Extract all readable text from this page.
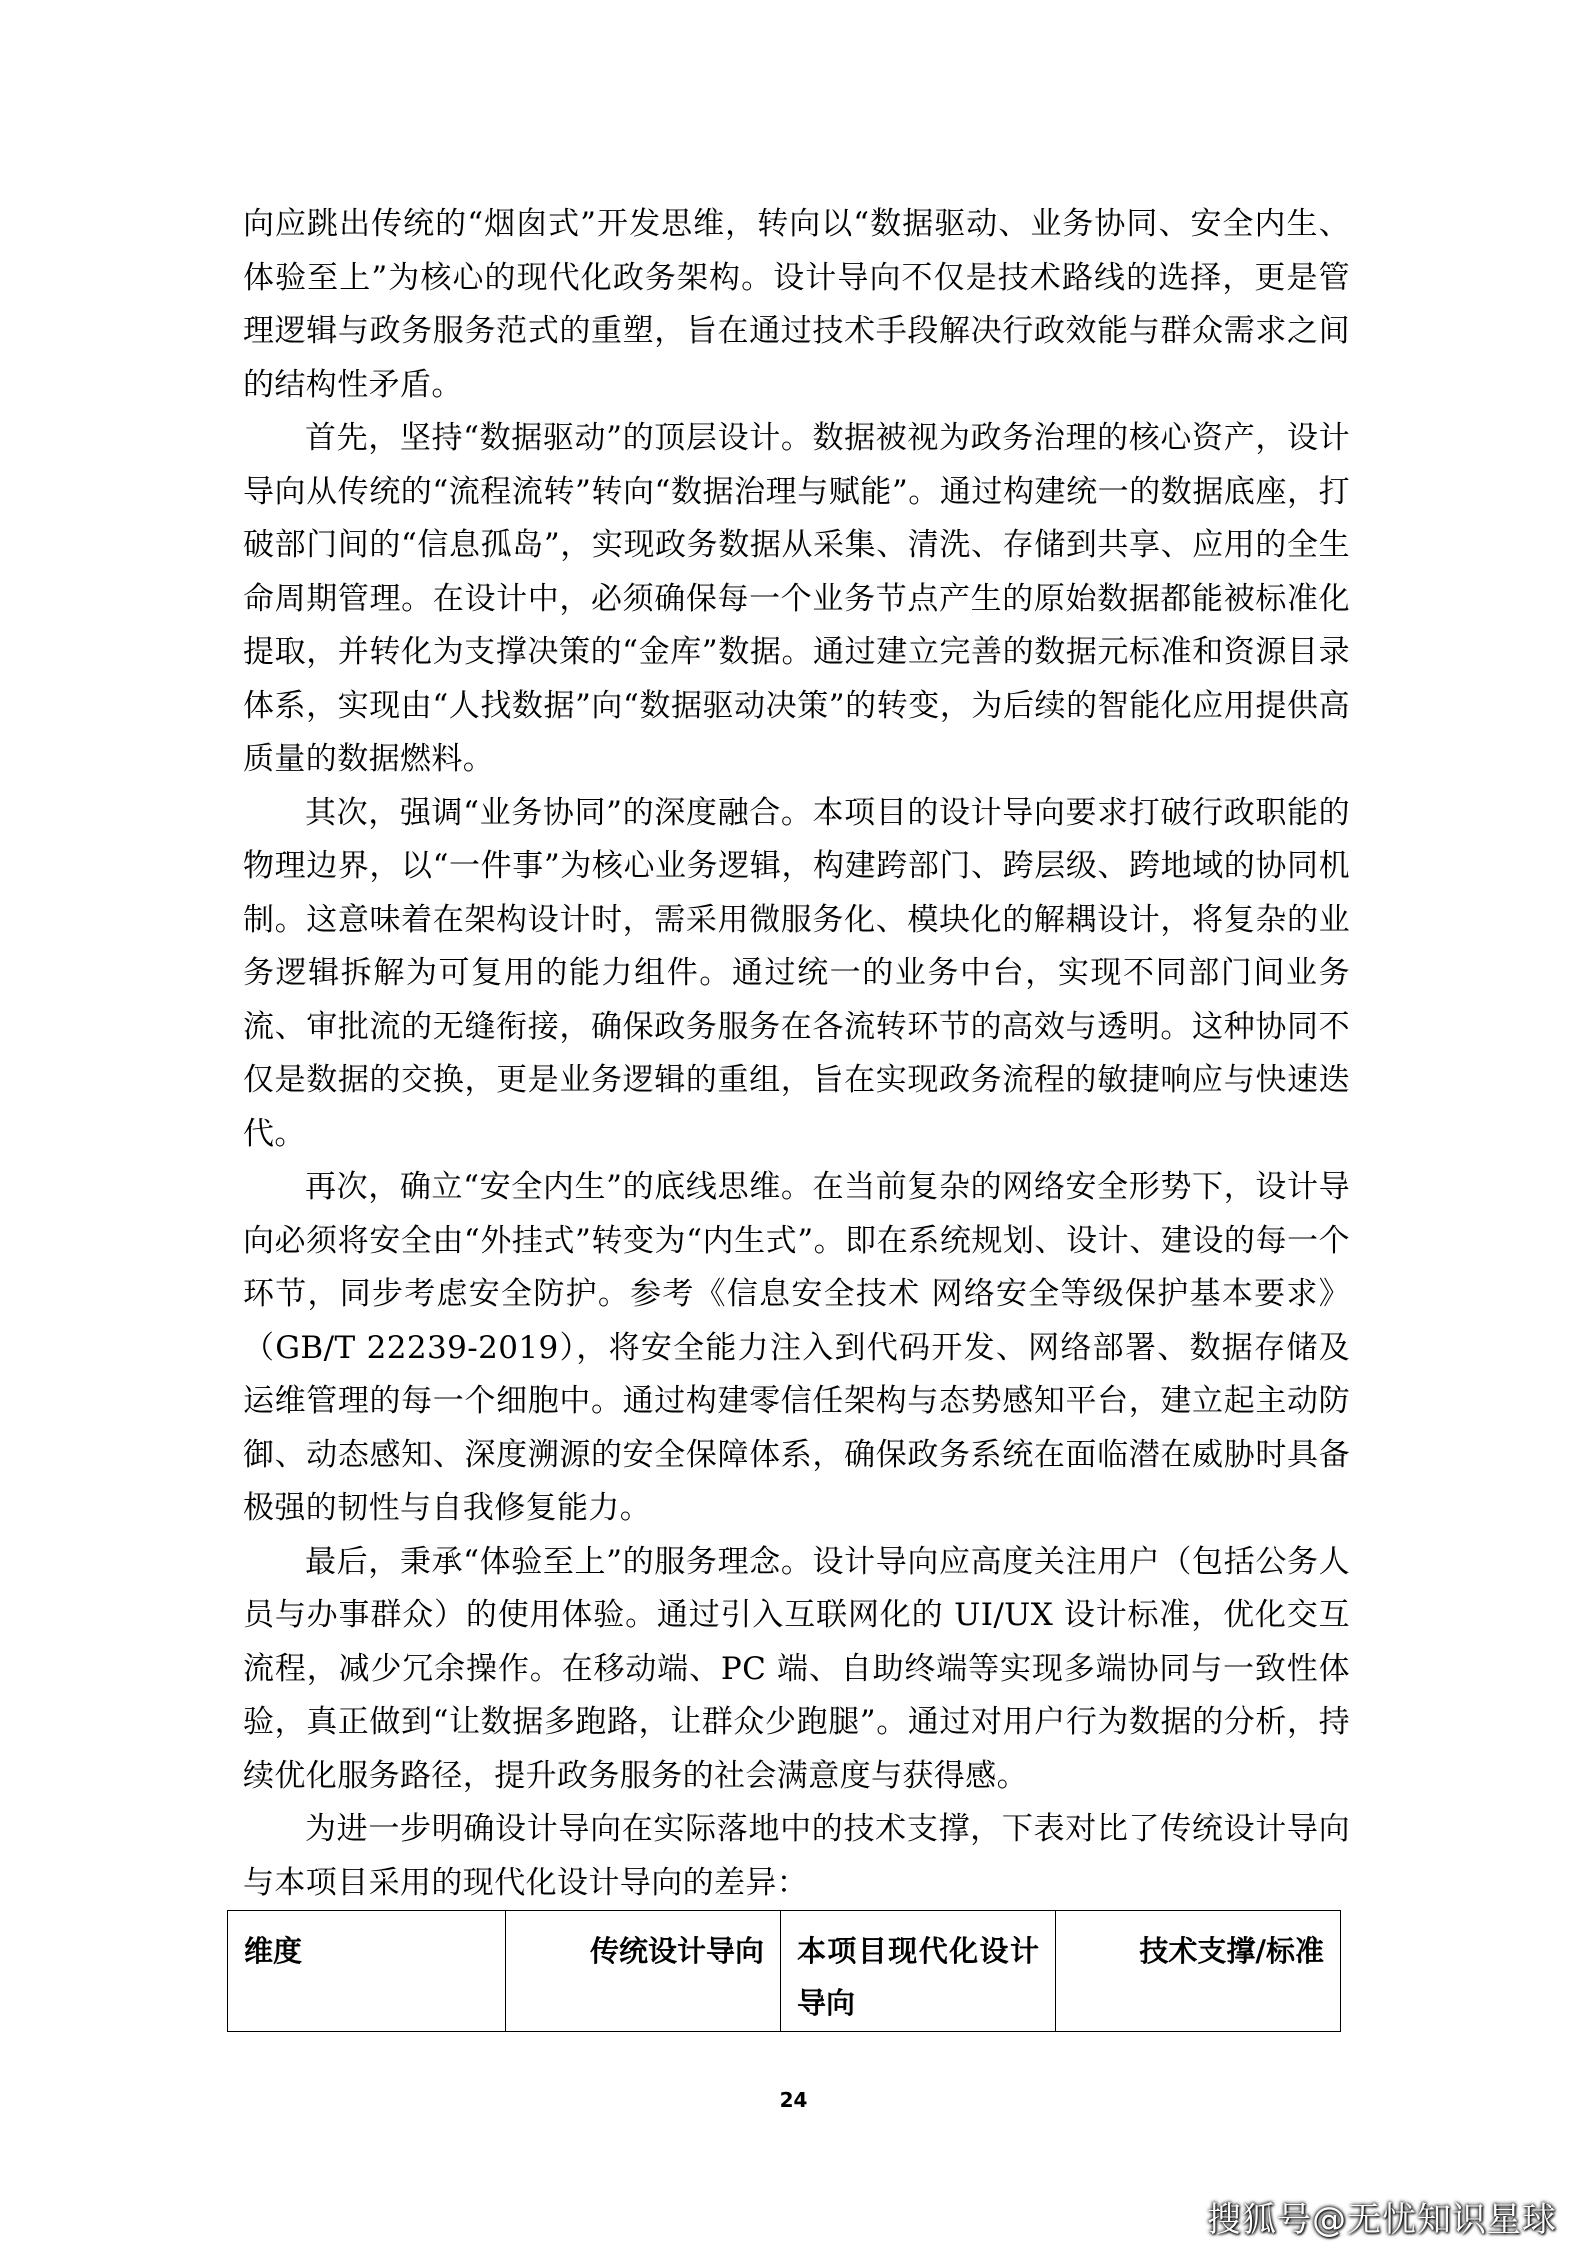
向应跳出传统的“烟囱式”开发思维，转向以“数据驱动、业务协同、安全内生、体验至上”为核心的现代化政务架构。设计导向不仅是技术路线的选择，更是管理逻辑与政务服务范式的重塑，旨在通过技术手段解决行政效能与群众需求之间的结构性矛盾。

首先，坚持“数据驱动”的顶层设计。数据被视为政务治理的核心资产，设计导向从传统的“流程流转”转向“数据治理与赋能”。通过构建统一的数据底座，打破部门间的“信息孤岛”，实现政务数据从采集、清洗、存储到共享、应用的全生命周期管理。在设计中，必须确保每一个业务节点产生的原始数据都能被标准化提取，并转化为支撑决策的“金库”数据。通过建立完善的数据元标准和资源目录体系，实现由“人找数据”向“数据驱动决策”的转变，为后续的智能化应用提供高质量的数据燃料。

其次，强调“业务协同”的深度融合。本项目的设计导向要求打破行政职能的物理边界，以“一件事”为核心业务逻辑，构建跨部门、跨层级、跨地域的协同机制。这意味着在架构设计时，需采用微服务化、模块化的解耦设计，将复杂的业务逻辑拆解为可复用的能力组件。通过统一的业务中台，实现不同部门间业务流、审批流的无缝衔接，确保政务服务在各流转环节的高效与透明。这种协同不仅是数据的交换，更是业务逻辑的重组，旨在实现政务流程的敏捷响应与快速迭代。

再次，确立“安全内生”的底线思维。在当前复杂的网络安全形势下，设计导向必须将安全由“外挂式”转变为“内生式”。即在系统规划、设计、建设的每一个环节，同步考虑安全防护。参考《信息安全技术 网络安全等级保护基本要求》（GB/T 22239-2019），将安全能力注入到代码开发、网络部署、数据存储及运维管理的每一个细胞中。通过构建零信任架构与态势感知平台，建立起主动防御、动态感知、深度溯源的安全保障体系，确保政务系统在面临潜在威胁时具备极强的韧性与自我修复能力。

最后，秉承“体验至上”的服务理念。设计导向应高度关注用户（包括公务人员与办事群众）的使用体验。通过引入互联网化的 UI/UX 设计标准，优化交互流程，减少冗余操作。在移动端、PC 端、自助终端等实现多端协同与一致性体验，真正做到“让数据多跑路，让群众少跑腿”。通过对用户行为数据的分析，持续优化服务路径，提升政务服务的社会满意度与获得感。

为进一步明确设计导向在实际落地中的技术支撑，下表对比了传统设计导向与本项目采用的现代化设计导向的差异：

维度	传统设计导向	本项目现代化设计导向	技术支撑/标准
24
搜狐号@无忧知识星球
